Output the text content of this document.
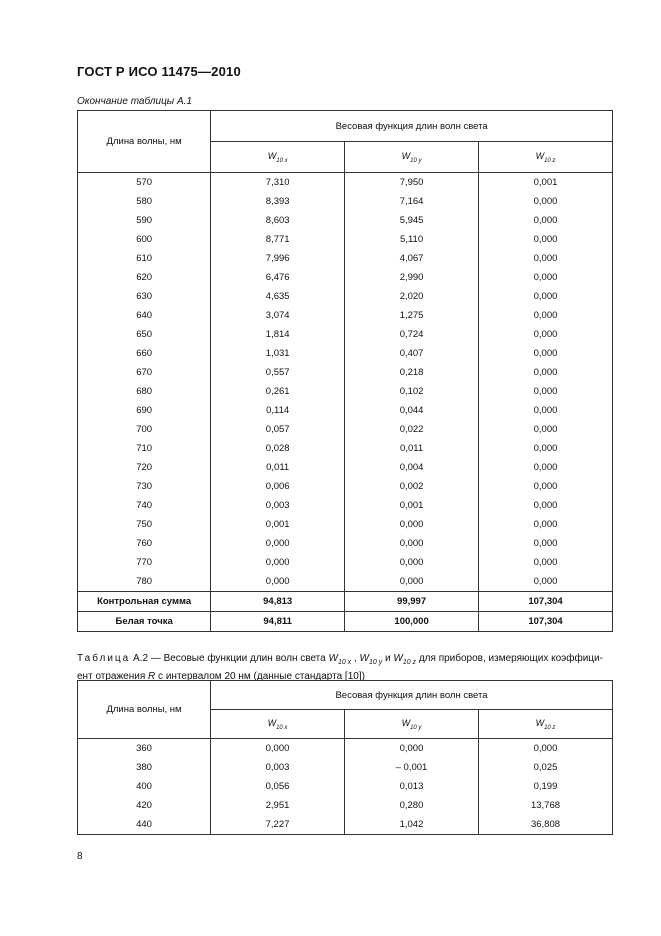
ГОСТ Р ИСО 11475—2010
Окончание таблицы А.1
Длина волны, нм	Весовая функция длин волн света		
	$W_{10 x}$	$W_{10 y}$	$W_{10 z}$
570	7,310	7,950	0,001
580	8,393	7,164	0,000
590	8,603	5,945	0,000
600	8,771	5,110	0,000
610	7,996	4,067	0,000
620	6,476	2,990	0,000
630	4,635	2,020	0,000
640	3,074	1,275	0,000
650	1,814	0,724	0,000
660	1,031	0,407	0,000
670	0,557	0,218	0,000
680	0,261	0,102	0,000
690	0,114	0,044	0,000
700	0,057	0,022	0,000
710	0,028	0,011	0,000
720	0,011	0,004	0,000
730	0,006	0,002	0,000
740	0,003	0,001	0,000
750	0,001	0,000	0,000
760	0,000	0,000	0,000
770	0,000	0,000	0,000
780	0,000	0,000	0,000
Контрольная сумма	94,813	99,997	107,304
Белая точка	94,811	100,000	107,304
Таблица А.2 — Весовые функции длин волн света $W_{10 x}$ , $W_{10 y}$ и $W_{10 z}$ для приборов, измеряющих коэффици-ент отражения R с интервалом 20 нм (данные стандарта [10])
Длина волны, нм	Весовая функция длин волн света		
	$W_{10 x}$	$W_{10 y}$	$W_{10 z}$
360	0,000	0,000	0,000
380	0,003	– 0,001	0,025
400	0,056	0,013	0,199
420	2,951	0,280	13,768
440	7,227	1,042	36,808
8
